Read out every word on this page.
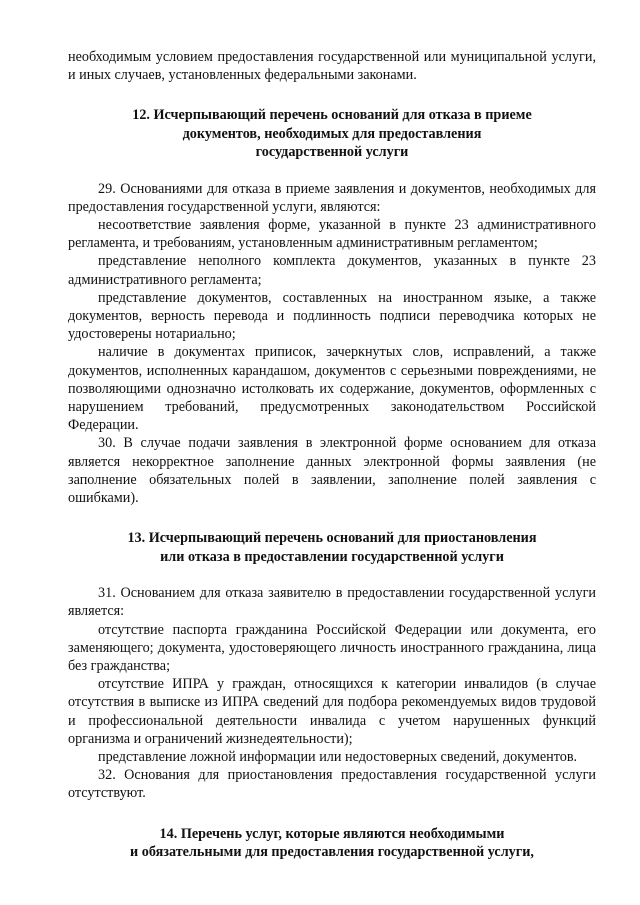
необходимым условием предоставления государственной или муниципальной услуги, и иных случаев, установленных федеральными законами.

12. Исчерпывающий перечень оснований для отказа в приеме
документов, необходимых для предоставления
государственной услуги

29. Основаниями для отказа в приеме заявления и документов, необходимых для предоставления государственной услуги, являются:

несоответствие заявления форме, указанной в пункте 23 административного регламента, и требованиям, установленным административным регламентом;

представление неполного комплекта документов, указанных в пункте 23 административного регламента;

представление документов, составленных на иностранном языке, а также документов, верность перевода и подлинность подписи переводчика которых не удостоверены нотариально;

наличие в документах приписок, зачеркнутых слов, исправлений, а также документов, исполненных карандашом, документов с серьезными повреждениями, не позволяющими однозначно истолковать их содержание, документов, оформленных с нарушением требований, предусмотренных законодательством Российской Федерации.

30. В случае подачи заявления в электронной форме основанием для отказа является некорректное заполнение данных электронной формы заявления (не заполнение обязательных полей в заявлении, заполнение полей заявления с ошибками).

13. Исчерпывающий перечень оснований для приостановления
или отказа в предоставлении государственной услуги

31. Основанием для отказа заявителю в предоставлении государственной услуги является:

отсутствие паспорта гражданина Российской Федерации или документа, его заменяющего; документа, удостоверяющего личность иностранного гражданина, лица без гражданства;

отсутствие ИПРА у граждан, относящихся к категории инвалидов (в случае отсутствия в выписке из ИПРА сведений для подбора рекомендуемых видов трудовой и профессиональной деятельности инвалида с учетом нарушенных функций организма и ограничений жизнедеятельности);

представление ложной информации или недостоверных сведений, документов.

32. Основания для приостановления предоставления государственной услуги отсутствуют.

14. Перечень услуг, которые являются необходимыми
и обязательными для предоставления государственной услуги,
